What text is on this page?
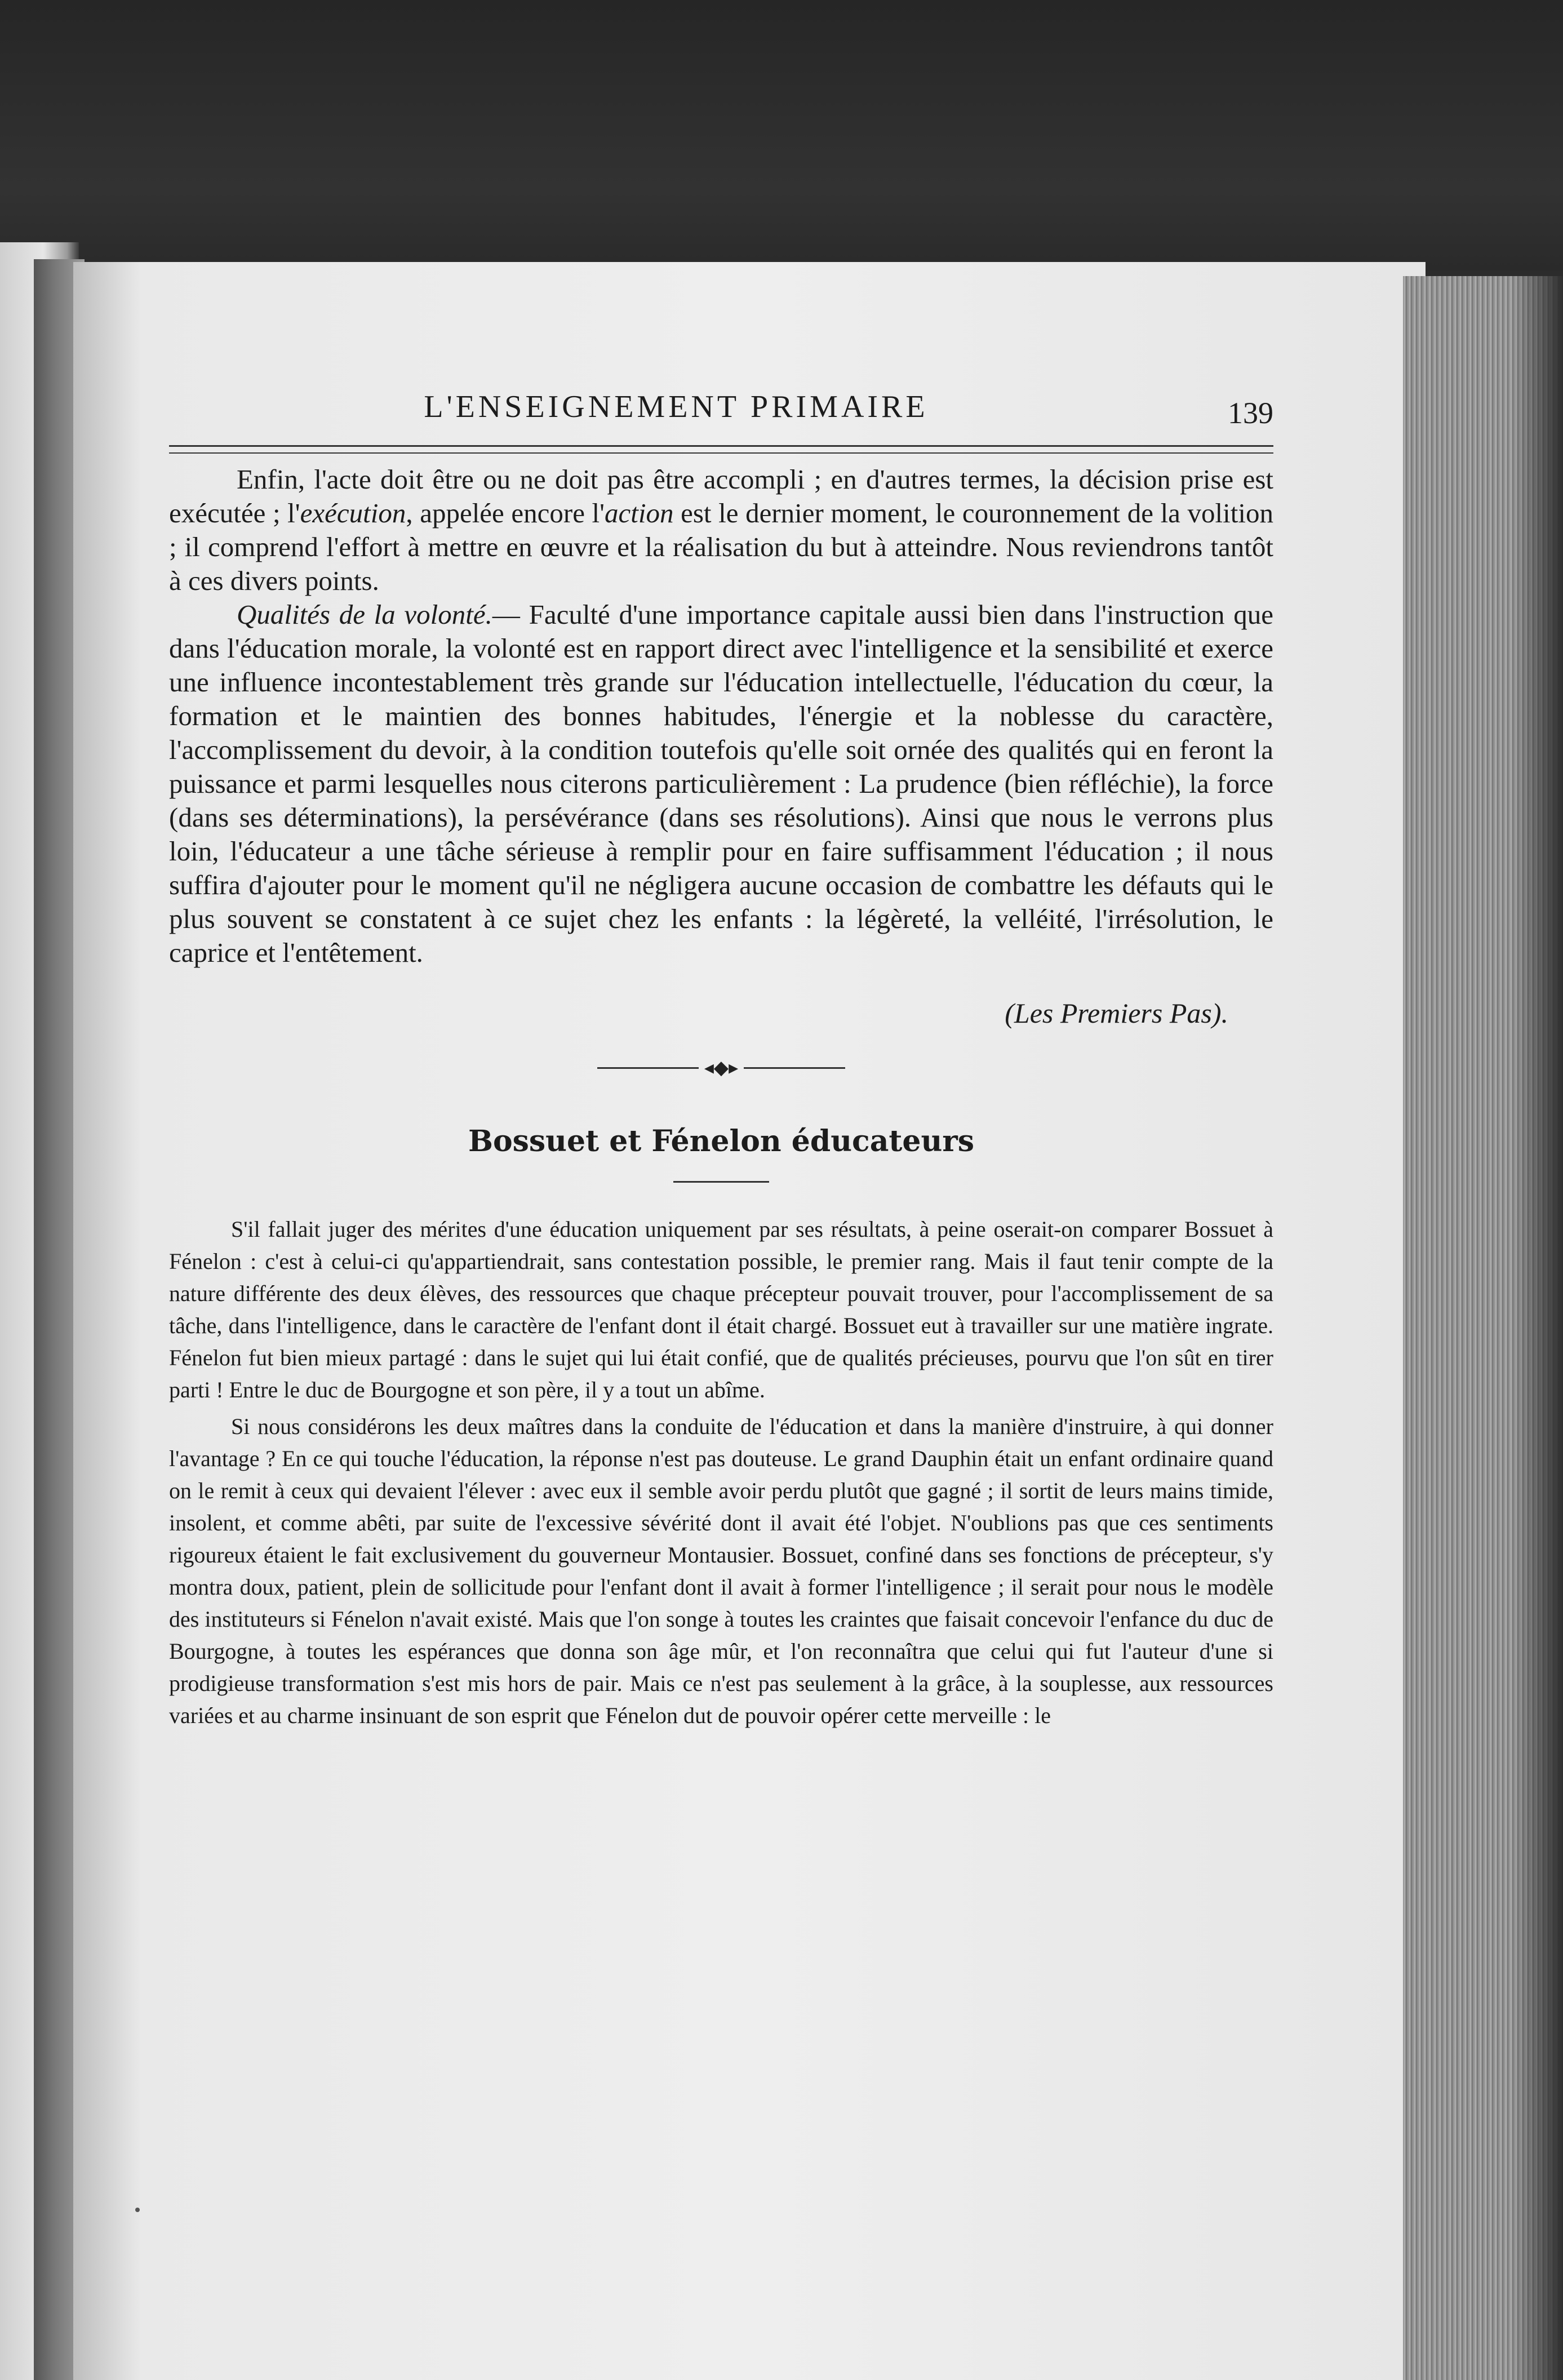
L'ENSEIGNEMENT PRIMAIRE	139

Enfin, l'acte doit être ou ne doit pas être accompli ; en d'autres termes, la décision prise est exécutée ; l'exécution, appelée encore l'action est le dernier moment, le couronnement de la volition ; il comprend l'effort à mettre en œuvre et la réalisation du but à atteindre. Nous reviendrons tantôt à ces divers points.

Qualités de la volonté.— Faculté d'une importance capitale aussi bien dans l'instruction que dans l'éducation morale, la volonté est en rapport direct avec l'intelligence et la sensibilité et exerce une influence incontestablement très grande sur l'éducation intellectuelle, l'éducation du cœur, la formation et le maintien des bonnes habitudes, l'énergie et la noblesse du caractère, l'accomplissement du devoir, à la condition toutefois qu'elle soit ornée des qualités qui en feront la puissance et parmi lesquelles nous citerons particulièrement : La prudence (bien réfléchie), la force (dans ses déterminations), la persévérance (dans ses résolutions). Ainsi que nous le verrons plus loin, l'éducateur a une tâche sérieuse à remplir pour en faire suffisamment l'éducation ; il nous suffira d'ajouter pour le moment qu'il ne négligera aucune occasion de combattre les défauts qui le plus souvent se constatent à ce sujet chez les enfants : la légèreté, la velléité, l'irrésolution, le caprice et l'entêtement.

(Les Premiers Pas).
◂◆▸
Bossuet et Fénelon éducateurs

S'il fallait juger des mérites d'une éducation uniquement par ses résultats, à peine oserait-on comparer Bossuet à Fénelon : c'est à celui-ci qu'appartiendrait, sans contestation possible, le premier rang. Mais il faut tenir compte de la nature différente des deux élèves, des ressources que chaque précepteur pouvait trouver, pour l'accomplissement de sa tâche, dans l'intelligence, dans le caractère de l'enfant dont il était chargé. Bossuet eut à travailler sur une matière ingrate. Fénelon fut bien mieux partagé : dans le sujet qui lui était confié, que de qualités précieuses, pourvu que l'on sût en tirer parti ! Entre le duc de Bourgogne et son père, il y a tout un abîme.

Si nous considérons les deux maîtres dans la conduite de l'éducation et dans la manière d'instruire, à qui donner l'avantage ? En ce qui touche l'éducation, la réponse n'est pas douteuse. Le grand Dauphin était un enfant ordinaire quand on le remit à ceux qui devaient l'élever : avec eux il semble avoir perdu plutôt que gagné ; il sortit de leurs mains timide, insolent, et comme abêti, par suite de l'excessive sévérité dont il avait été l'objet. N'oublions pas que ces sentiments rigoureux étaient le fait exclusivement du gouverneur Montausier. Bossuet, confiné dans ses fonctions de précepteur, s'y montra doux, patient, plein de sollicitude pour l'enfant dont il avait à former l'intelligence ; il serait pour nous le modèle des instituteurs si Fénelon n'avait existé. Mais que l'on songe à toutes les craintes que faisait concevoir l'enfance du duc de Bourgogne, à toutes les espérances que donna son âge mûr, et l'on reconnaîtra que celui qui fut l'auteur d'une si prodigieuse transformation s'est mis hors de pair. Mais ce n'est pas seulement à la grâce, à la souplesse, aux ressources variées et au charme insinuant de son esprit que Fénelon dut de pouvoir opérer cette merveille : le
